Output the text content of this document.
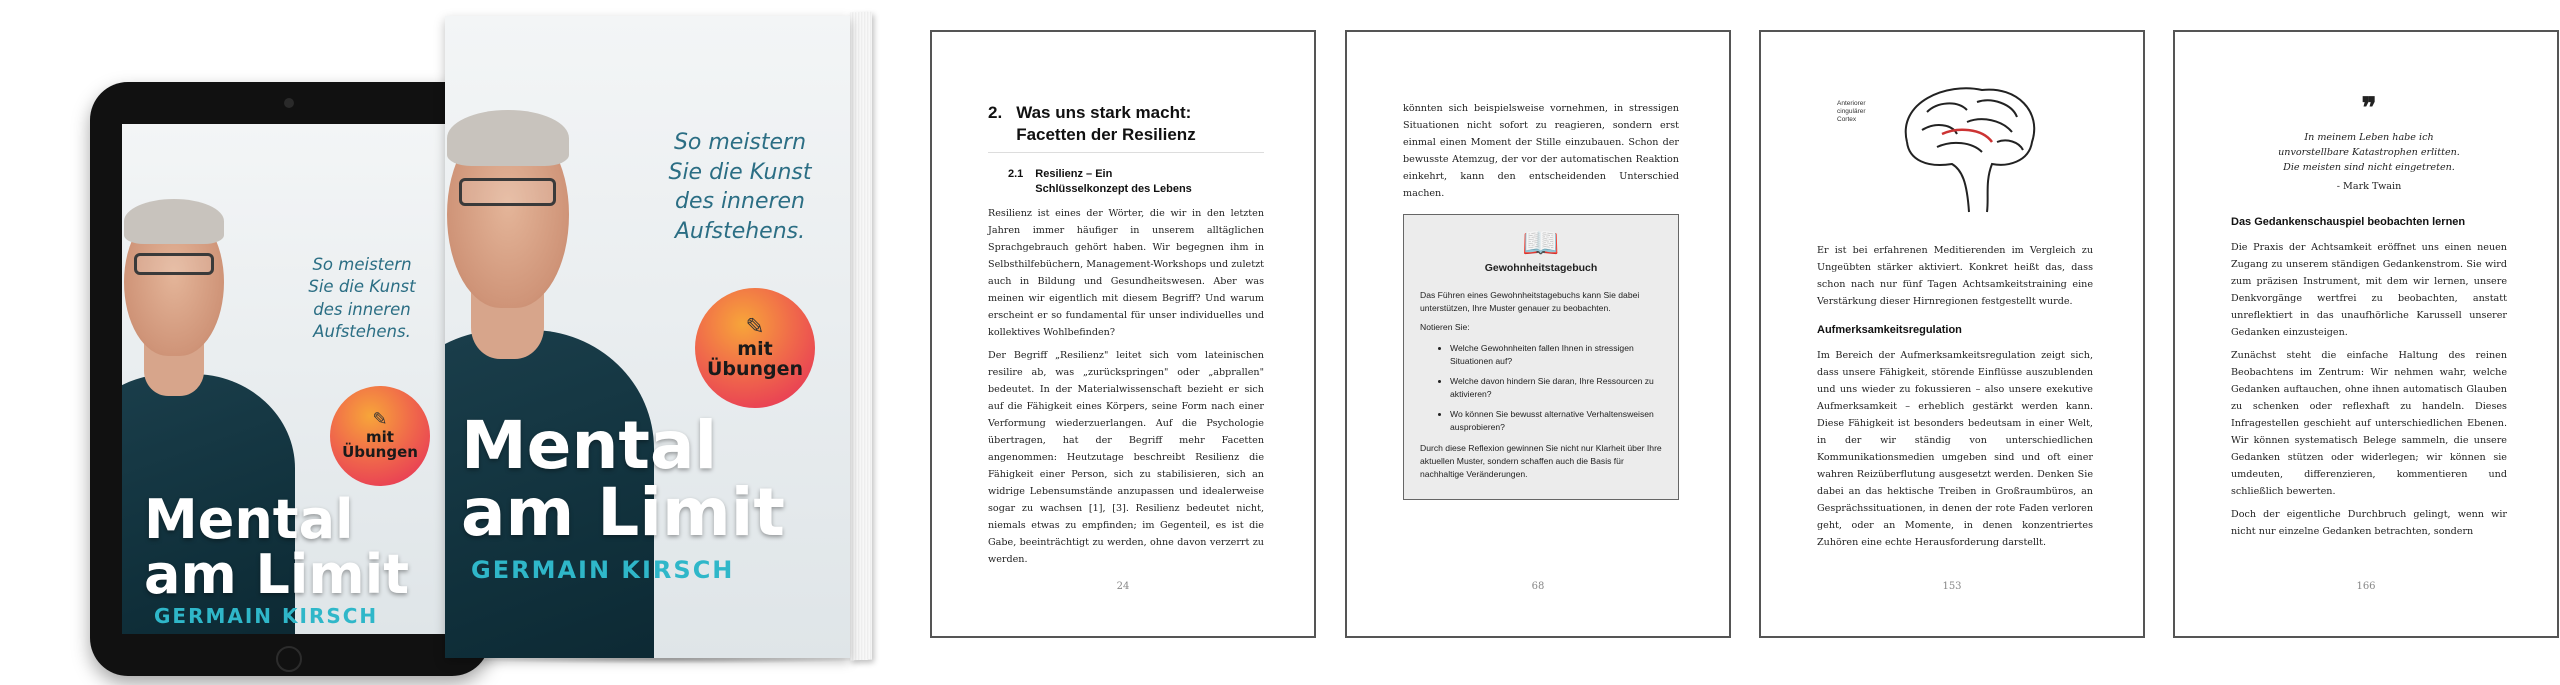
So meistern
Sie die Kunst
des inneren
Aufstehens.
✎
mit
Übungen
Mental
am Limit
GERMAIN KIRSCH
So meistern
Sie die Kunst
des inneren
Aufstehens.
✎
mit
Übungen
Mental
am Limit
GERMAIN KIRSCH
2. Was uns stark macht:
Facetten der Resilienz
2.1 Resilienz – Ein Schlüsselkonzept des Lebens

Resilienz ist eines der Wörter, die wir in den letzten Jahren immer häufiger in unserem alltäglichen Sprachgebrauch gehört haben. Wir begegnen ihm in Selbsthilfebüchern, Management-Workshops und zuletzt auch in Bildung und Gesundheitswesen. Aber was meinen wir eigentlich mit diesem Begriff? Und warum erscheint er so fundamental für unser individuelles und kollektives Wohlbefinden?

Der Begriff „Resilienz" leitet sich vom lateinischen resilire ab, was „zurückspringen" oder „abprallen" bedeutet. In der Materialwissenschaft bezieht er sich auf die Fähigkeit eines Körpers, seine Form nach einer Verformung wiederzuerlangen. Auf die Psychologie übertragen, hat der Begriff mehr Facetten angenommen: Heutzutage beschreibt Resilienz die Fähigkeit einer Person, sich zu stabilisieren, sich an widrige Lebensumstände anzupassen und idealerweise sogar zu wachsen [1], [3]. Resilienz bedeutet nicht, niemals etwas zu empfinden; im Gegenteil, es ist die Gabe, beeinträchtigt zu werden, ohne davon verzerrt zu werden.

24

könnten sich beispielsweise vornehmen, in stressigen Situationen nicht sofort zu reagieren, sondern erst einmal einen Moment der Stille einzubauen. Schon der bewusste Atemzug, der vor der automatischen Reaktion einkehrt, kann den entscheidenden Unterschied machen.

📖
Gewohnheitstagebuch

Das Führen eines Gewohnheitstagebuchs kann Sie dabei unterstützen, Ihre Muster genauer zu beobachten.

Notieren Sie:

• Welche Gewohnheiten fallen Ihnen in stressigen Situationen auf?
• Welche davon hindern Sie daran, Ihre Ressourcen zu aktivieren?
• Wo können Sie bewusst alternative Verhaltensweisen ausprobieren?

Durch diese Reflexion gewinnen Sie nicht nur Klarheit über Ihre aktuellen Muster, sondern schaffen auch die Basis für nachhaltige Veränderungen.

68
Anteriorer
cingulärer
Cortex

Er ist bei erfahrenen Meditierenden im Vergleich zu Ungeübten stärker aktiviert. Konkret heißt das, dass schon nach nur fünf Tagen Achtsamkeitstraining eine Verstärkung dieser Hirnregionen festgestellt wurde.

Aufmerksamkeitsregulation

Im Bereich der Aufmerksamkeitsregulation zeigt sich, dass unsere Fähigkeit, störende Einflüsse auszublenden und uns wieder zu fokussieren – also unsere exekutive Aufmerksamkeit – erheblich gestärkt werden kann. Diese Fähigkeit ist besonders bedeutsam in einer Welt, in der wir ständig von unterschiedlichen Kommunikationsmedien umgeben sind und oft einer wahren Reizüberflutung ausgesetzt werden. Denken Sie dabei an das hektische Treiben in Großraumbüros, an Gesprächssituationen, in denen der rote Faden verloren geht, oder an Momente, in denen konzentriertes Zuhören eine echte Herausforderung darstellt.

153
❞
In meinem Leben habe ich unvorstellbare Katastrophen erlitten. Die meisten sind nicht eingetreten.
- Mark Twain
Das Gedankenschauspiel beobachten lernen

Die Praxis der Achtsamkeit eröffnet uns einen neuen Zugang zu unserem ständigen Gedankenstrom. Sie wird zum präzisen Instrument, mit dem wir lernen, unsere Denkvorgänge wertfrei zu beobachten, anstatt unreflektiert in das unaufhörliche Karussell unserer Gedanken einzusteigen.

Zunächst steht die einfache Haltung des reinen Beobachtens im Zentrum: Wir nehmen wahr, welche Gedanken auftauchen, ohne ihnen automatisch Glauben zu schenken oder reflexhaft zu handeln. Dieses Infragestellen geschieht auf unterschiedlichen Ebenen. Wir können systematisch Belege sammeln, die unsere Gedanken stützen oder widerlegen; wir können sie umdeuten, differenzieren, kommentieren und schließlich bewerten.

Doch der eigentliche Durchbruch gelingt, wenn wir nicht nur einzelne Gedanken betrachten, sondern

166
